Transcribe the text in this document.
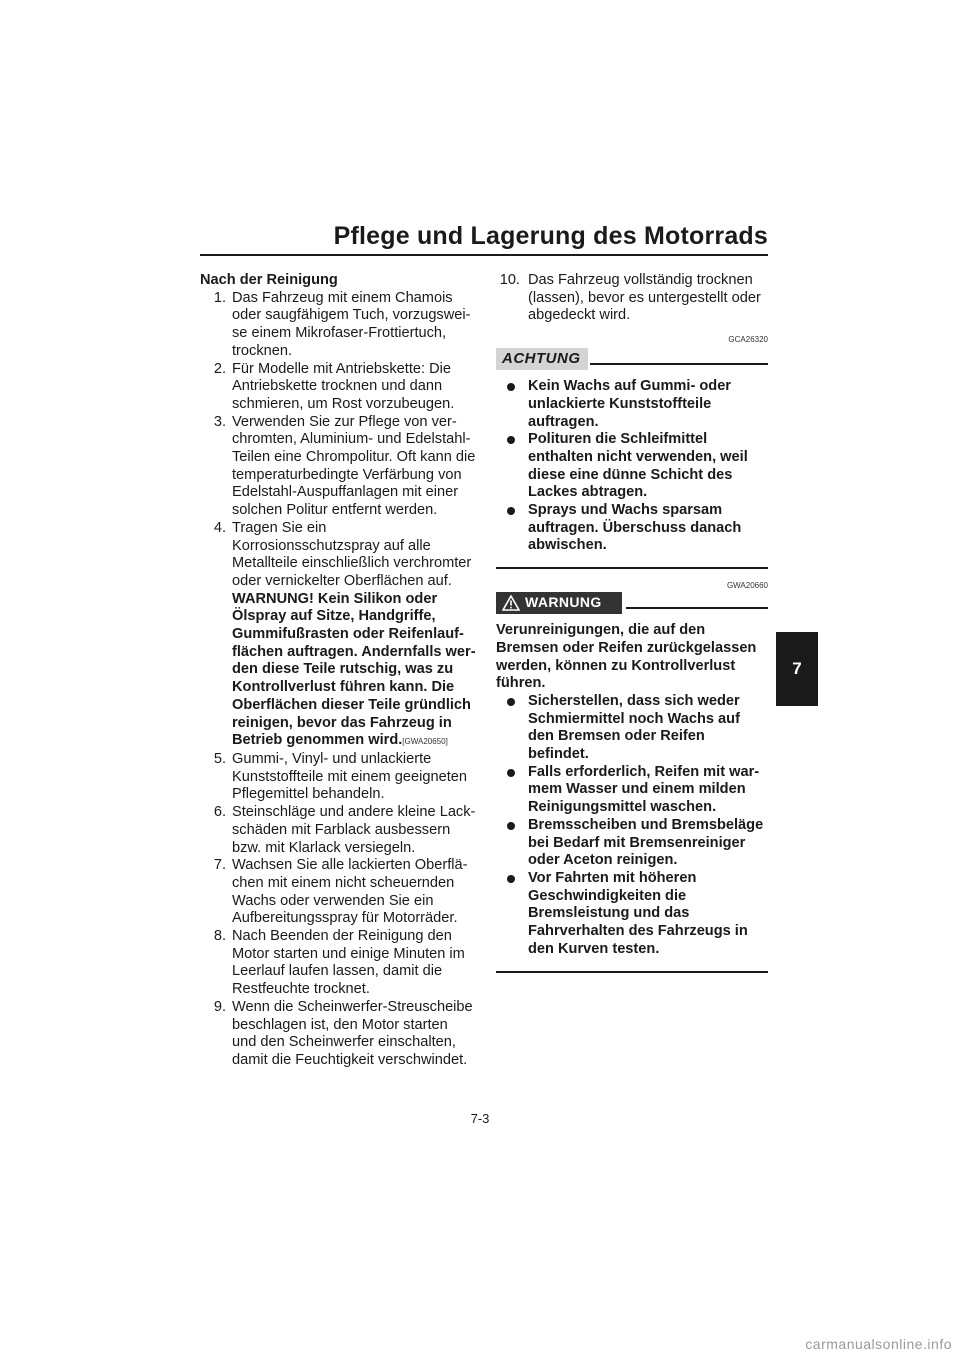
Pflege und Lagerung des Motorrads
7
Nach der Reinigung
1. Das Fahrzeug mit einem Chamois oder saugfähigem Tuch, vorzugsweise einem Mikrofaser-Frottiertuch, trocknen.
2. Für Modelle mit Antriebskette: Die Antriebskette trocknen und dann schmieren, um Rost vorzubeugen.
3. Verwenden Sie zur Pflege von verchromten, Aluminium- und Edelstahl-Teilen eine Chrompolitur. Oft kann die temperaturbedingte Verfärbung von Edelstahl-Auspuffanlagen mit einer solchen Politur entfernt werden.
4. Tragen Sie ein Korrosionsschutzspray auf alle Metallteile einschließlich verchromter oder vernickelter Oberflächen auf. WARNUNG! Kein Silikon oder Ölspray auf Sitze, Handgriffe, Gummifußrasten oder Reifenlaufflächen auftragen. Andernfalls werden diese Teile rutschig, was zu Kontrollverlust führen kann. Die Oberflächen dieser Teile gründlich reinigen, bevor das Fahrzeug in Betrieb genommen wird.[GWA20650]
5. Gummi-, Vinyl- und unlackierte Kunststoffteile mit einem geeigneten Pflegemittel behandeln.
6. Steinschläge und andere kleine Lackschäden mit Farblack ausbessern bzw. mit Klarlack versiegeln.
7. Wachsen Sie alle lackierten Oberflächen mit einem nicht scheuernden Wachs oder verwenden Sie ein Aufbereitungsspray für Motorräder.
8. Nach Beenden der Reinigung den Motor starten und einige Minuten im Leerlauf laufen lassen, damit die Restfeuchte trocknet.
9. Wenn die Scheinwerfer-Streuscheibe beschlagen ist, den Motor starten und den Scheinwerfer einschalten, damit die Feuchtigkeit verschwindet.
10. Das Fahrzeug vollständig trocknen (lassen), bevor es untergestellt oder abgedeckt wird.
GCA26320
ACHTUNG
Kein Wachs auf Gummi- oder unlackierte Kunststoffteile auftragen.
Polituren die Schleifmittel enthalten nicht verwenden, weil diese eine dünne Schicht des Lackes abtragen.
Sprays und Wachs sparsam auftragen. Überschuss danach abwischen.
GWA20660
WARNUNG
Verunreinigungen, die auf den Bremsen oder Reifen zurückgelassen werden, können zu Kontrollverlust führen.
Sicherstellen, dass sich weder Schmiermittel noch Wachs auf den Bremsen oder Reifen befindet.
Falls erforderlich, Reifen mit warmem Wasser und einem milden Reinigungsmittel waschen.
Bremsscheiben und Bremsbeläge bei Bedarf mit Bremsenreiniger oder Aceton reinigen.
Vor Fahrten mit höheren Geschwindigkeiten die Bremsleistung und das Fahrverhalten des Fahrzeugs in den Kurven testen.
7-3
carmanualsonline.info
